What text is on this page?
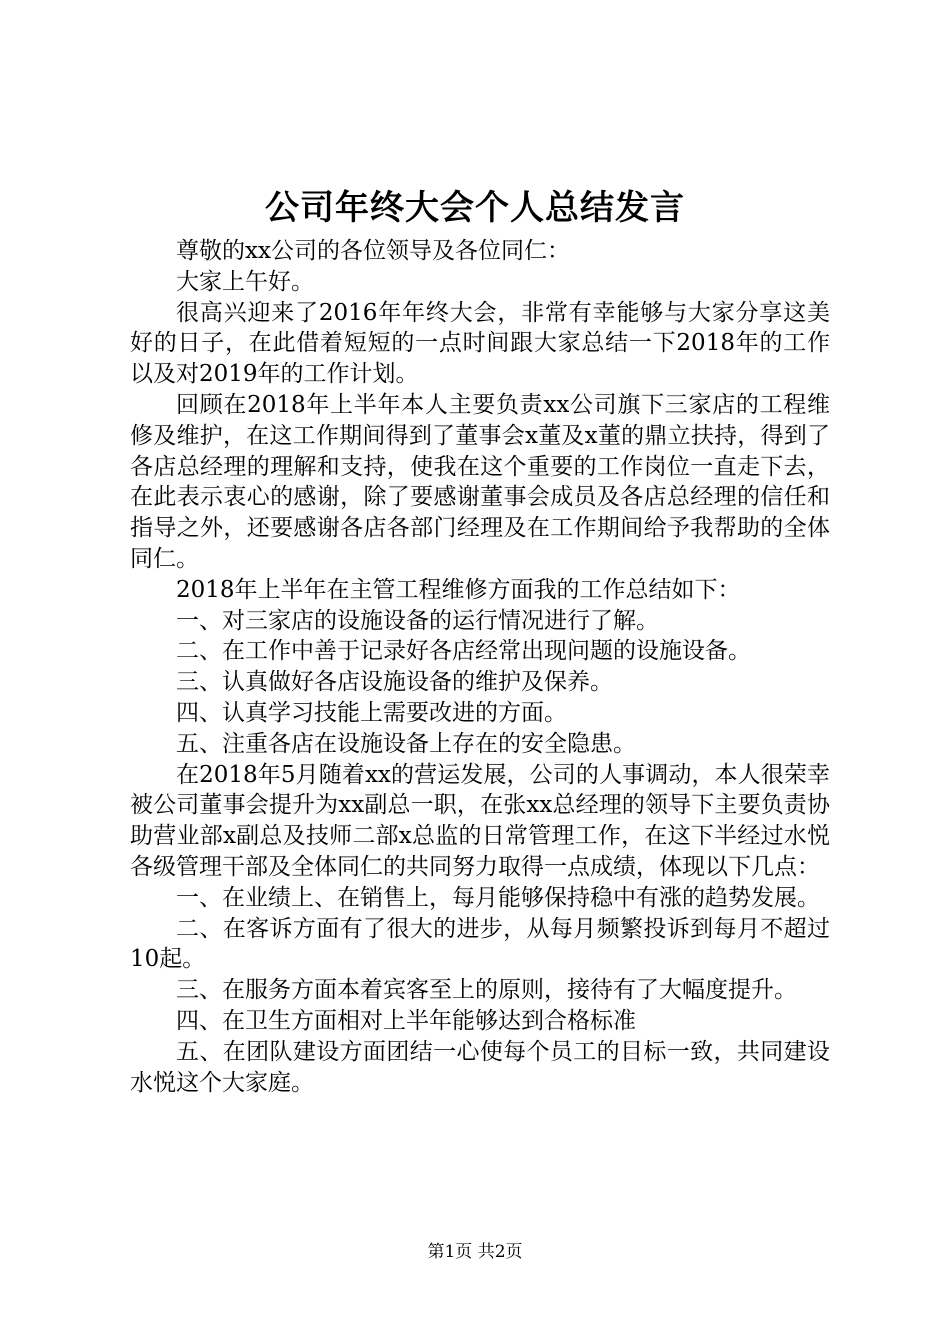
公司年终大会个人总结发言

尊敬的xx公司的各位领导及各位同仁：

大家上午好。

很高兴迎来了2016年年终大会，非常有幸能够与大家分享这美好的日子，在此借着短短的一点时间跟大家总结一下2018年的工作以及对2019年的工作计划。

回顾在2018年上半年本人主要负责xx公司旗下三家店的工程维修及维护，在这工作期间得到了董事会x董及x董的鼎立扶持，得到了各店总经理的理解和支持，使我在这个重要的工作岗位一直走下去，在此表示衷心的感谢，除了要感谢董事会成员及各店总经理的信任和指导之外，还要感谢各店各部门经理及在工作期间给予我帮助的全体同仁。

2018年上半年在主管工程维修方面我的工作总结如下：

一、对三家店的设施设备的运行情况进行了解。

二、在工作中善于记录好各店经常出现问题的设施设备。

三、认真做好各店设施设备的维护及保养。

四、认真学习技能上需要改进的方面。

五、注重各店在设施设备上存在的安全隐患。

在2018年5月随着xx的营运发展，公司的人事调动，本人很荣幸被公司董事会提升为xx副总一职，在张xx总经理的领导下主要负责协助营业部x副总及技师二部x总监的日常管理工作，在这下半经过水悦各级管理干部及全体同仁的共同努力取得一点成绩，体现以下几点：

一、在业绩上、在销售上，每月能够保持稳中有涨的趋势发展。

二、在客诉方面有了很大的进步，从每月频繁投诉到每月不超过10起。

三、在服务方面本着宾客至上的原则，接待有了大幅度提升。

四、在卫生方面相对上半年能够达到合格标准

五、在团队建设方面团结一心使每个员工的目标一致，共同建设水悦这个大家庭。

第1页 共2页
